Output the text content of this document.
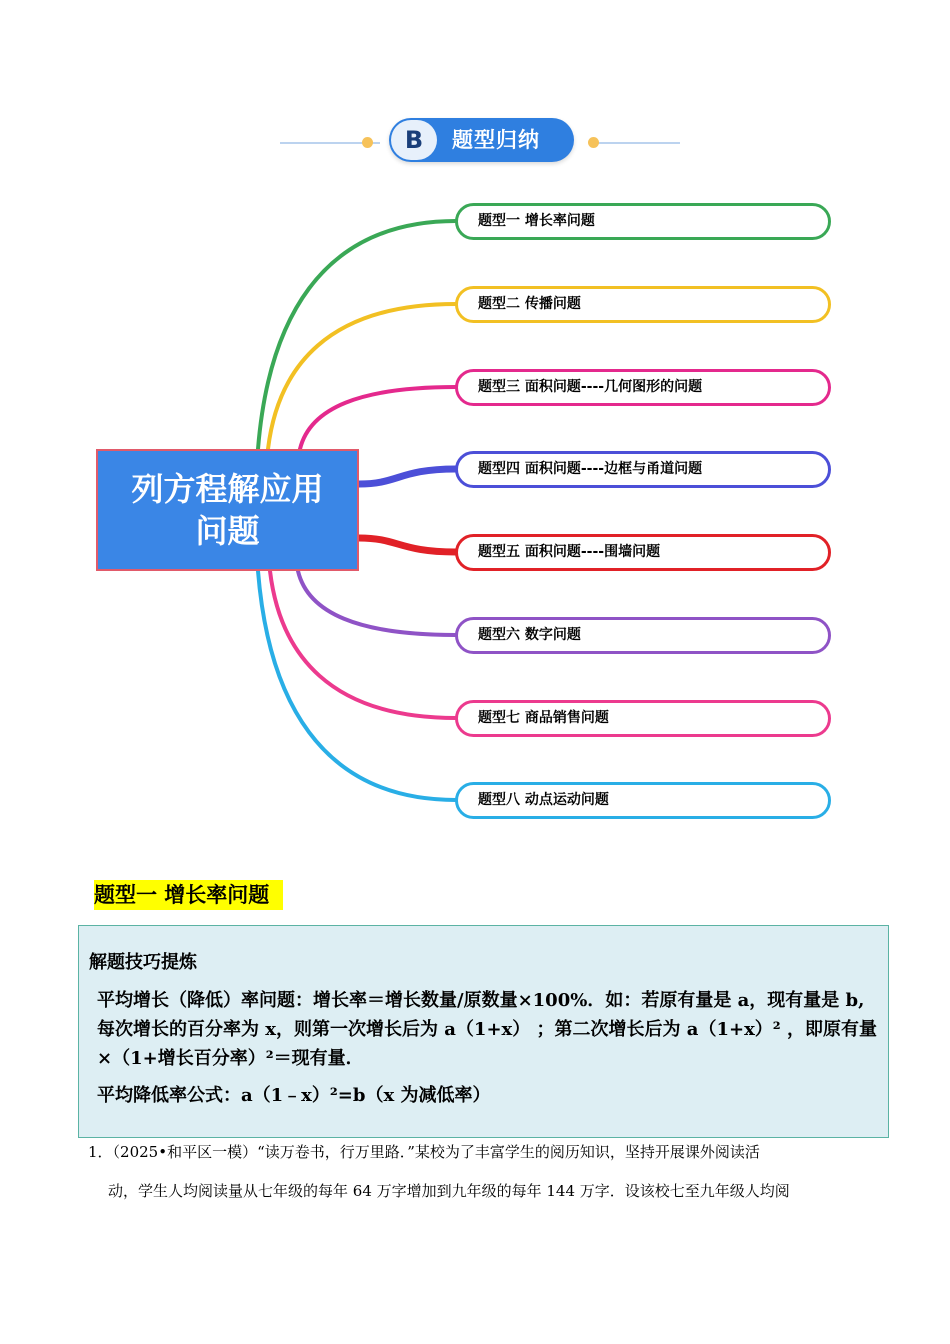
B	题型归纳
列方程解应用
问题
题型一 增长率问题
题型二 传播问题
题型三 面积问题----几何图形的问题
题型四 面积问题----边框与甬道问题
题型五 面积问题----围墙问题
题型六 数字问题
题型七 商品销售问题
题型八 动点运动问题
题型一 增长率问题
解题技巧提炼
平均增长（降低）率问题：增长率＝增长数量/原数量×100%．如：若原有量是 a，现有量是 b,每次增长的百分率为 x，则第一次增长后为 a（1+x） ；第二次增长后为 a（1+x）² ，即原有量×（1+增长百分率）²＝现有量．
平均降低率公式：a（1﹣x）²=b（x 为减低率）
1．（2025•和平区一模）“读万卷书，行万里路．”某校为了丰富学生的阅历知识，坚持开展课外阅读活
动，学生人均阅读量从七年级的每年 64 万字增加到九年级的每年 144 万字．设该校七至九年级人均阅
